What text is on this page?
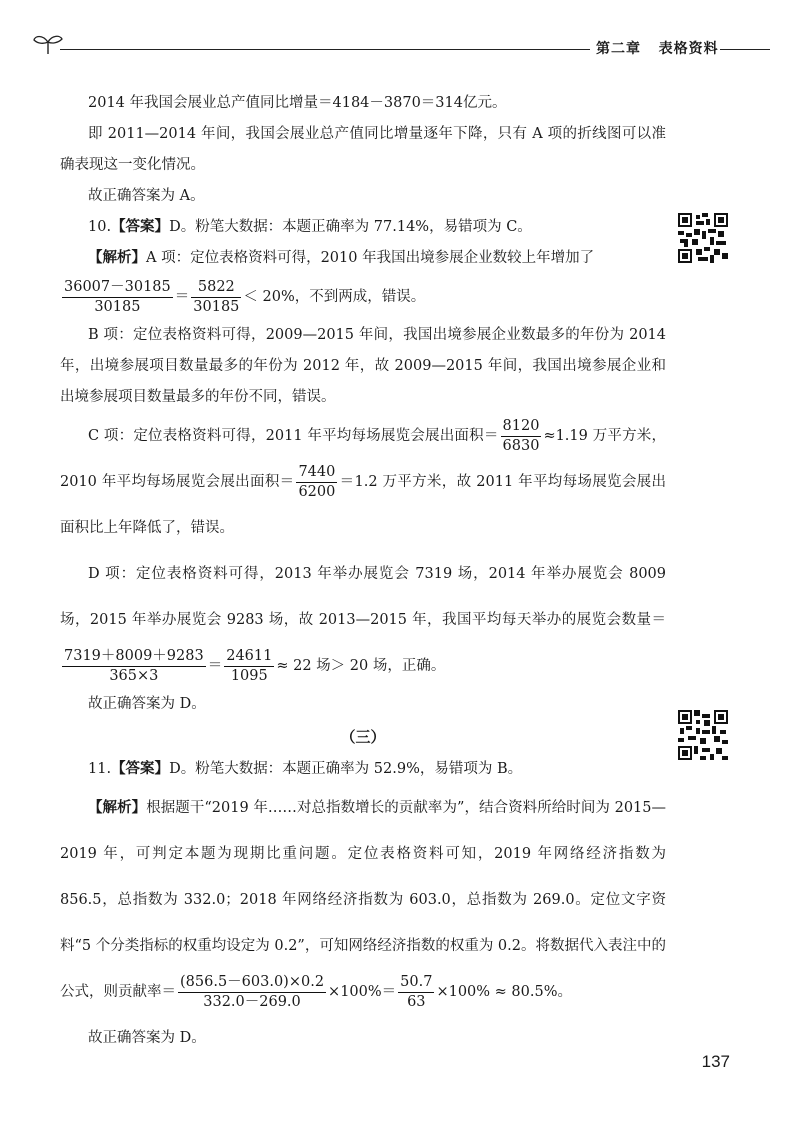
第二章 表格资料

2014 年我国会展业总产值同比增量＝4184－3870＝314亿元。

即 2011—2014 年间，我国会展业总产值同比增量逐年下降，只有 A 项的折线图可以准确表现这一变化情况。

故正确答案为 A。

10.【答案】D。粉笔大数据：本题正确率为 77.14%，易错项为 C。

【解析】A 项：定位表格资料可得，2010 年我国出境参展企业数较上年增加了

$\frac{36007-30185}{30185} = \frac{5822}{30185} < 20\%$，不到两成，错误。

B 项：定位表格资料可得，2009—2015 年间，我国出境参展企业数最多的年份为 2014 年，出境参展项目数量最多的年份为 2012 年，故 2009—2015 年间，我国出境参展企业和出境参展项目数量最多的年份不同，错误。

C 项：定位表格资料可得，2011 年平均每场展览会展出面积＝ $\frac{8120}{6830} \approx 1.19$ 万平方米，2010 年平均每场展览会展出面积＝ $\frac{7440}{6200} =1.2$ 万平方米，故 2011 年平均每场展览会展出面积比上年降低了，错误。

D 项：定位表格资料可得，2013 年举办展览会 7319 场，2014 年举办展览会 8009 场，2015 年举办展览会 9283 场，故 2013—2015 年，我国平均每天举办的展览会数量＝
$\frac{7319+8009+9283}{365\times 3} = \frac{24611}{1095} \approx 22$ 场＞ 20 场，正确。

故正确答案为 D。

（三）

11.【答案】D。粉笔大数据：本题正确率为 52.9%，易错项为 B。

【解析】根据题干“2019 年……对总指数增长的贡献率为”，结合资料所给时间为 2015—2019 年，可判定本题为现期比重问题。定位表格资料可知，2019 年网络经济指数为 856.5，总指数为 332.0；2018 年网络经济指数为 603.0，总指数为 269.0。定位文字资料“5 个分类指标的权重均设定为 0.2”，可知网络经济指数的权重为 0.2。将数据代入表注中的公式，则贡献率＝ $\frac{(856.5-603.0)\times 0.2}{332.0-269.0} \times 100\%= \frac{50.7}{63} \times 100\% \approx 80.5\%$。

故正确答案为 D。

137
